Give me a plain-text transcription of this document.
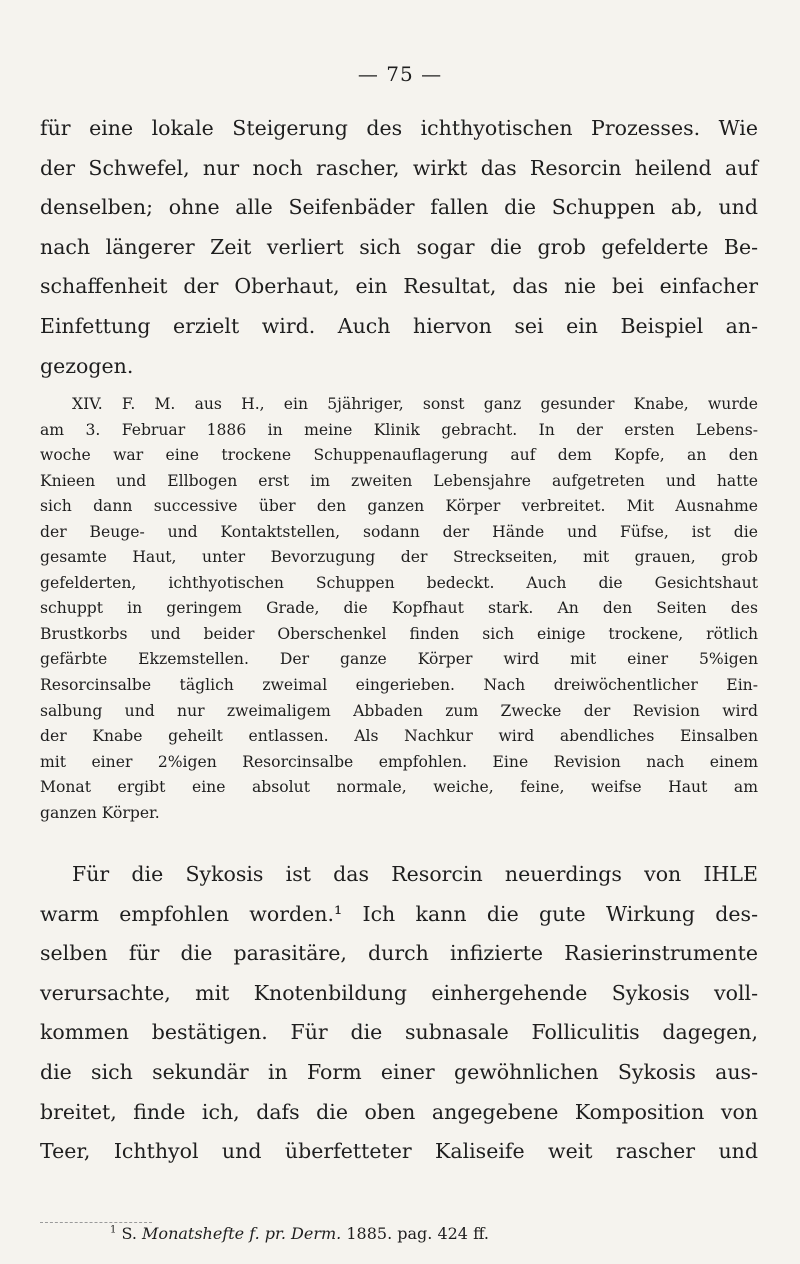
— 75 —
für eine lokale Steigerung des ichthyotischen Prozesses. Wie
der Schwefel, nur noch rascher, wirkt das Resorcin heilend auf
denselben; ohne alle Seifenbäder fallen die Schuppen ab, und
nach längerer Zeit verliert sich sogar die grob gefelderte Be-
schaffenheit der Oberhaut, ein Resultat, das nie bei einfacher
Einfettung erzielt wird. Auch hiervon sei ein Beispiel an-
gezogen.
XIV. F. M. aus H., ein 5jähriger, sonst ganz gesunder Knabe, wurde
am 3. Februar 1886 in meine Klinik gebracht. In der ersten Lebens-
woche war eine trockene Schuppenauflagerung auf dem Kopfe, an den
Knieen und Ellbogen erst im zweiten Lebensjahre aufgetreten und hatte
sich dann successive über den ganzen Körper verbreitet. Mit Ausnahme
der Beuge- und Kontaktstellen, sodann der Hände und Füfse, ist die
gesamte Haut, unter Bevorzugung der Streckseiten, mit grauen, grob
gefelderten, ichthyotischen Schuppen bedeckt. Auch die Gesichtshaut
schuppt in geringem Grade, die Kopfhaut stark. An den Seiten des
Brustkorbs und beider Oberschenkel finden sich einige trockene, rötlich
gefärbte Ekzemstellen. Der ganze Körper wird mit einer 5%igen
Resorcinsalbe täglich zweimal eingerieben. Nach dreiwöchentlicher Ein-
salbung und nur zweimaligem Abbaden zum Zwecke der Revision wird
der Knabe geheilt entlassen. Als Nachkur wird abendliches Einsalben
mit einer 2%igen Resorcinsalbe empfohlen. Eine Revision nach einem
Monat ergibt eine absolut normale, weiche, feine, weifse Haut am
ganzen Körper.
Für die Sykosis ist das Resorcin neuerdings von IHLE
warm empfohlen worden.¹ Ich kann die gute Wirkung des-
selben für die parasitäre, durch infizierte Rasierinstrumente
verursachte, mit Knotenbildung einhergehende Sykosis voll-
kommen bestätigen. Für die subnasale Folliculitis dagegen,
die sich sekundär in Form einer gewöhnlichen Sykosis aus-
breitet, finde ich, dafs die oben angegebene Komposition von
Teer, Ichthyol und überfetteter Kaliseife weit rascher und
$^1$ S. Monatshefte f. pr. Derm. 1885. pag. 424 ff.
